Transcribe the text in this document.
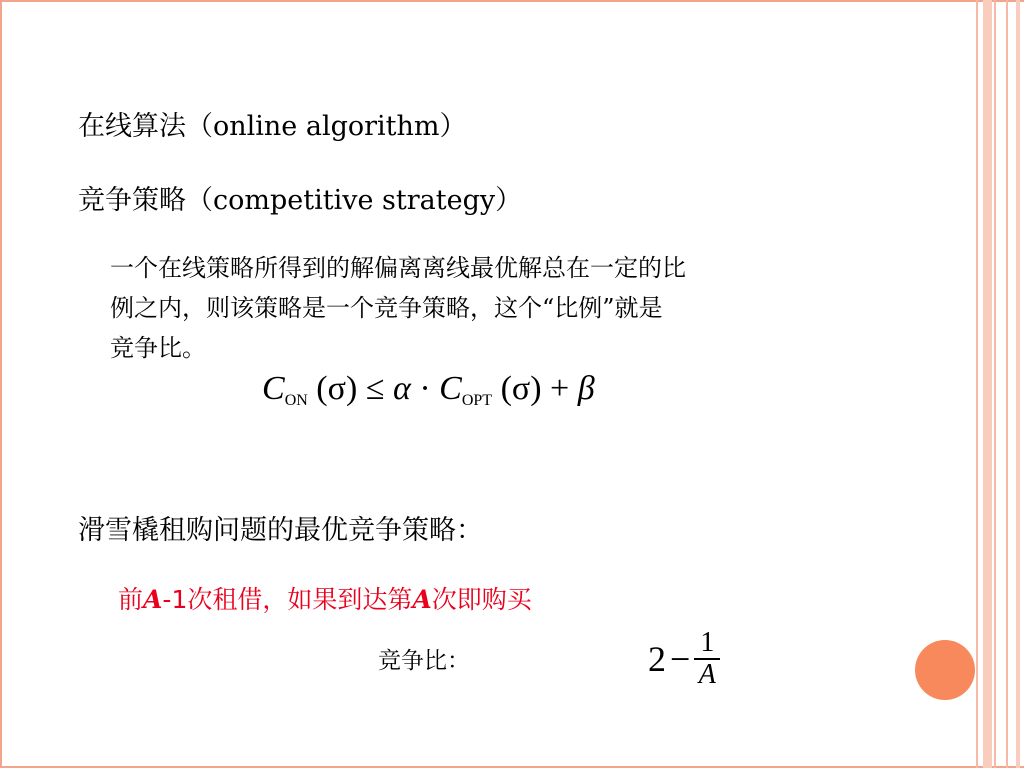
在线算法（online algorithm）
竞争策略（competitive strategy）
一个在线策略所得到的解偏离离线最优解总在一定的比
例之内，则该策略是一个竞争策略，这个“比例”就是
竞争比。
$C_{ON}$ $(\sigma) \le \alpha \cdot C_{OPT}$ (σ) + β
滑雪橇租购问题的最优竞争策略：
前A-1次租借，如果到达第A次即购买
竞争比：	$2 - \frac{1}{A}$
